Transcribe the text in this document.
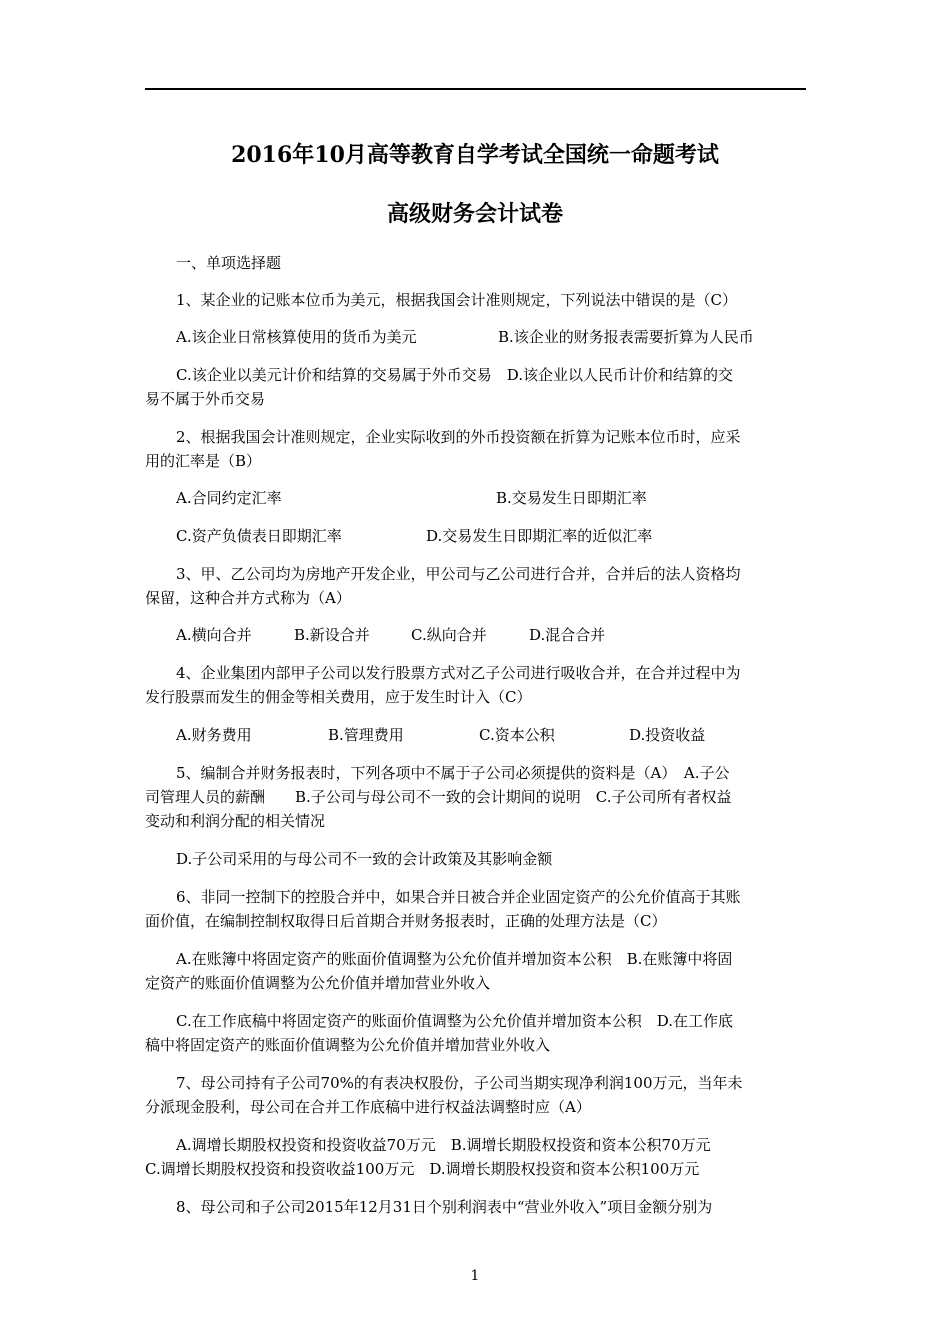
2016年10月高等教育自学考试全国统一命题考试
高级财务会计试卷
一、单项选择题
1、某企业的记账本位币为美元，根据我国会计准则规定，下列说法中错误的是（C）
A.该企业日常核算使用的货币为美元	B.该企业的财务报表需要折算为人民币
C.该企业以美元计价和结算的交易属于外币交易　D.该企业以人民币计价和结算的交
易不属于外币交易
2、根据我国会计准则规定，企业实际收到的外币投资额在折算为记账本位币时，应采
用的汇率是（B）
A.合同约定汇率	B.交易发生日即期汇率
C.资产负债表日即期汇率	D.交易发生日即期汇率的近似汇率
3、甲、乙公司均为房地产开发企业，甲公司与乙公司进行合并，合并后的法人资格均
保留，这种合并方式称为（A）
A.横向合并	B.新设合并	C.纵向合并	D.混合合并
4、企业集团内部甲子公司以发行股票方式对乙子公司进行吸收合并，在合并过程中为
发行股票而发生的佣金等相关费用，应于发生时计入（C）
A.财务费用	B.管理费用	C.资本公积	D.投资收益
5、编制合并财务报表时，下列各项中不属于子公司必须提供的资料是（A）　A.子公
司管理人员的薪酬　　B.子公司与母公司不一致的会计期间的说明　C.子公司所有者权益
变动和利润分配的相关情况
D.子公司采用的与母公司不一致的会计政策及其影响金额
6、非同一控制下的控股合并中，如果合并日被合并企业固定资产的公允价值高于其账
面价值，在编制控制权取得日后首期合并财务报表时，正确的处理方法是（C）
A.在账簿中将固定资产的账面价值调整为公允价值并增加资本公积　B.在账簿中将固
定资产的账面价值调整为公允价值并增加营业外收入
C.在工作底稿中将固定资产的账面价值调整为公允价值并增加资本公积　D.在工作底
稿中将固定资产的账面价值调整为公允价值并增加营业外收入
7、母公司持有子公司70%的有表决权股份，子公司当期实现净利润100万元，当年未
分派现金股利，母公司在合并工作底稿中进行权益法调整时应（A）
A.调增长期股权投资和投资收益70万元　B.调增长期股权投资和资本公积70万元
C.调增长期股权投资和投资收益100万元　D.调增长期股权投资和资本公积100万元
8、母公司和子公司2015年12月31日个别利润表中“营业外收入”项目金额分别为
1
